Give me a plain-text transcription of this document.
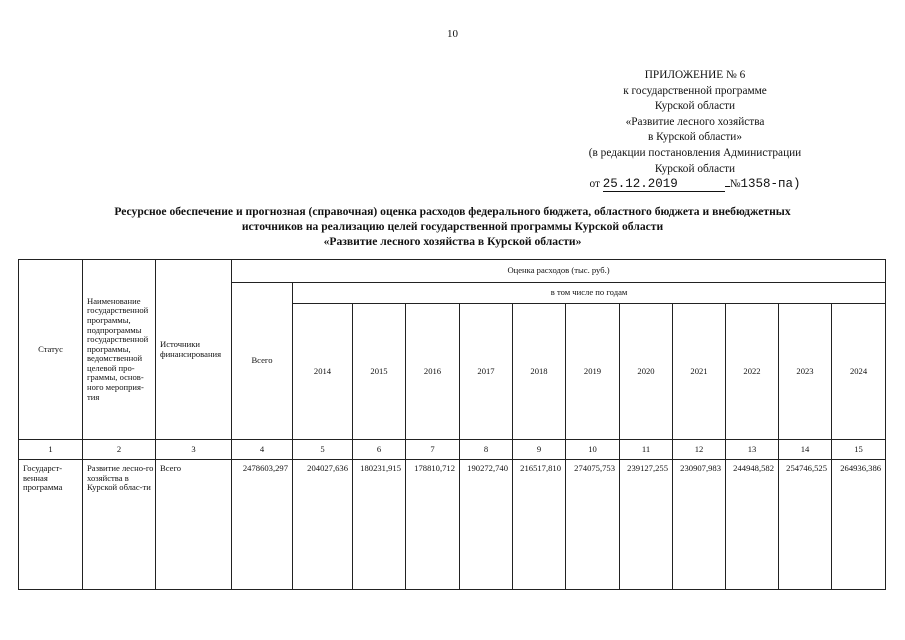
10
ПРИЛОЖЕНИЕ № 6
к государственной программе
Курской области
«Развитие лесного хозяйства
в Курской области»
(в редакции постановления Администрации
Курской области
от 25.12.2019	№1358-па)
Ресурсное обеспечение и прогнозная (справочная) оценка расходов федерального бюджета, областного бюджета и внебюджетных
источников на реализацию целей государственной программы Курской области
«Развитие лесного хозяйства в Курской области»
Статус	Наименование государственной программы, подпрограммы государственной программы, ведомственной целевой про-граммы, основ-ного мероприя-тия	Источники финансирования	Оценка расходов (тыс. руб.)											
			Всего	в том числе по годам										
				2014	2015	2016	2017	2018	2019	2020	2021	2022	2023	2024
1	2	3	4	5	6	7	8	9	10	11	12	13	14	15
Государст-венная программа	Развитие лесно-го хозяйства в Курской облас-ти	Всего	2478603,297	204027,636	180231,915	178810,712	190272,740	216517,810	274075,753	239127,255	230907,983	244948,582	254746,525	264936,386
